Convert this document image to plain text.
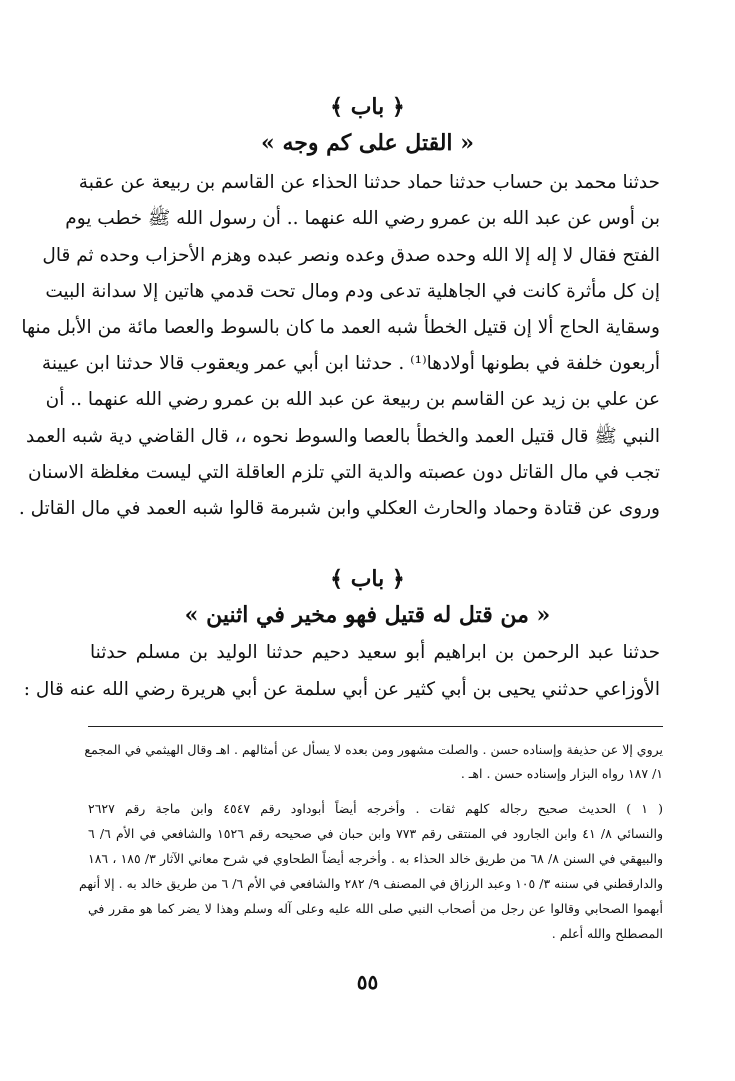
﴿ باب ﴾
« القتل على كم وجه »
حدثنا محمد بن حساب حدثنا حماد حدثنا الحذاء عن القاسم بن ربيعة عن عقبة
بن أوس عن عبد الله بن عمرو رضي الله عنهما .. أن رسول الله ﷺ خطب يوم
الفتح فقال لا إله إلا الله وحده صدق وعده ونصر عبده وهزم الأحزاب وحده ثم قال
إن كل مأثرة كانت في الجاهلية تدعى ودم ومال تحت قدمي هاتين إلا سدانة البيت
وسقاية الحاج ألا إن قتيل الخطأ شبه العمد ما كان بالسوط والعصا مائة من الأبل منها
أربعون خلفة في بطونها أولادها⁽¹⁾ . حدثنا ابن أبي عمر ويعقوب قالا حدثنا ابن عيينة
عن علي بن زيد عن القاسم بن ربيعة عن عبد الله بن عمرو رضي الله عنهما .. أن
النبي ﷺ قال قتيل العمد والخطأ بالعصا والسوط نحوه ،، قال القاضي دية شبه العمد
تجب في مال القاتل دون عصبته والدية التي تلزم العاقلة التي ليست مغلظة الاسنان
وروى عن قتادة وحماد والحارث العكلي وابن شبرمة قالوا شبه العمد في مال القاتل .
﴿ باب ﴾
« من قتل له قتيل فهو مخير في اثنين »
حدثنا عبد الرحمن بن ابراهيم أبو سعيد دحيم حدثنا الوليد بن مسلم حدثنا
الأوزاعي حدثني يحيى بن أبي كثير عن أبي سلمة عن أبي هريرة رضي الله عنه قال :
يروي إلا عن حذيفة وإسناده حسن . والصلت مشهور ومن بعده لا يسأل عن أمثالهم . اهـ وقال الهيثمي في المجمع
١/ ١٨٧ رواه البزار وإسناده حسن . اهـ .
( ١ ) الحديث صحيح رجاله كلهم ثقات . وأخرجه أيضاً أبوداود رقم ٤٥٤٧ وابن ماجة رقم ٢٦٢٧
والنسائي ٨/ ٤١ وابن الجارود في المنتقى رقم ٧٧٣ وابن حبان في صحيحه رقم ١٥٢٦ والشافعي في الأم ٦/ ٦
والبيهقي في السنن ٨/ ٦٨ من طريق خالد الحذاء به . وأخرجه أيضاً الطحاوي في شرح معاني الآثار ٣/ ١٨٥ ، ١٨٦
والدارقطني في سننه ٣/ ١٠٥ وعبد الرزاق في المصنف ٩/ ٢٨٢ والشافعي في الأم ٦/ ٦ من طريق خالد به . إلا أنهم
أبهموا الصحابي وقالوا عن رجل من أصحاب النبي صلى الله عليه وعلى آله وسلم وهذا لا يضر كما هو مقرر في
المصطلح والله أعلم .
٥٥
